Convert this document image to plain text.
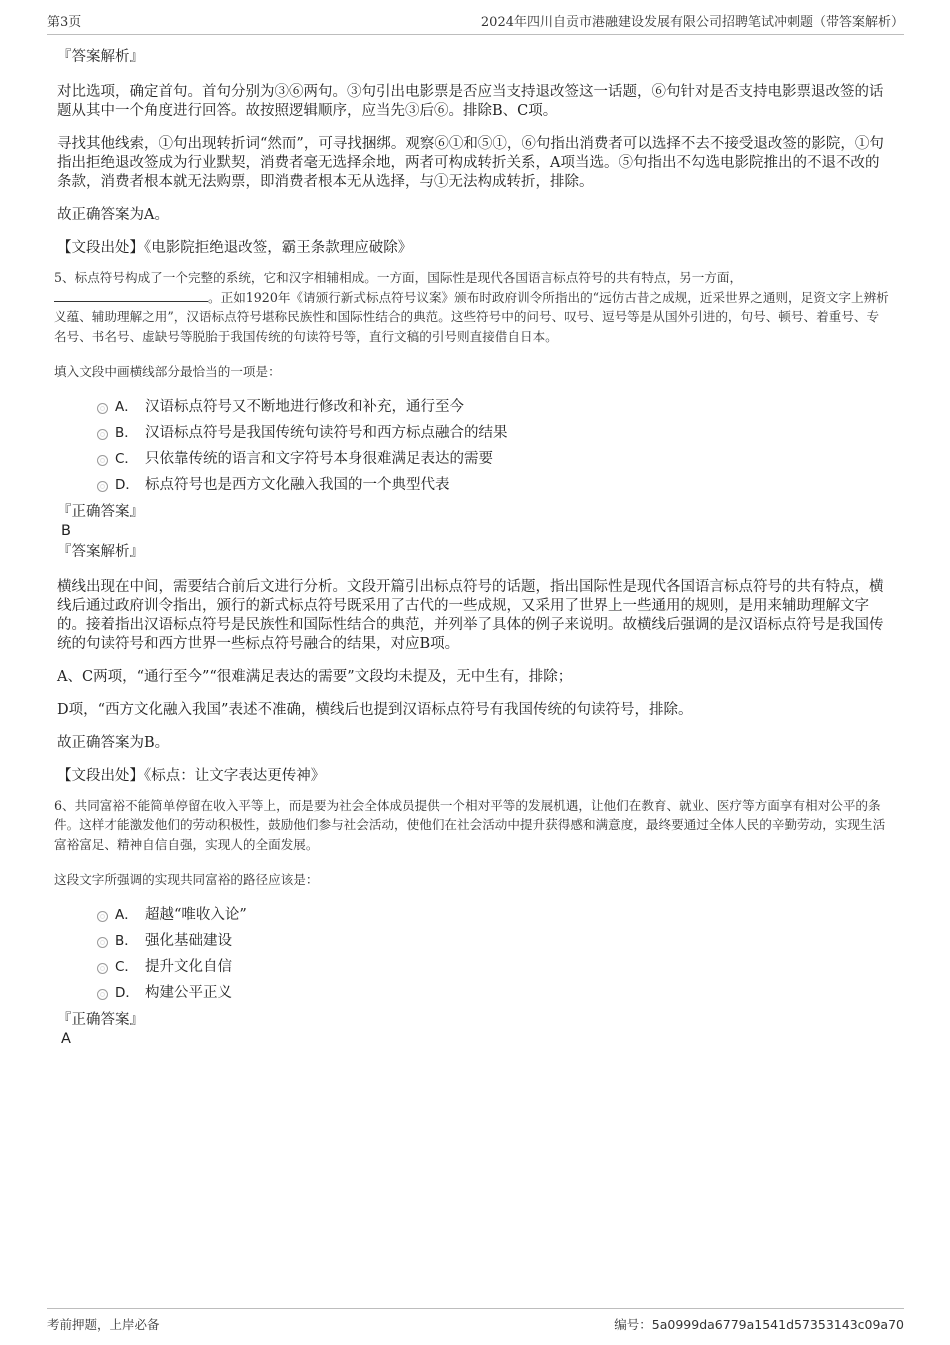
第3页	2024年四川自贡市港融建设发展有限公司招聘笔试冲刺题（带答案解析）

『答案解析』

对比选项，确定首句。首句分别为③⑥两句。③句引出电影票是否应当支持退改签这一话题，⑥句针对是否支持电影票退改签的话题从其中一个角度进行回答。故按照逻辑顺序，应当先③后⑥。排除B、C项。

寻找其他线索，①句出现转折词“然而”，可寻找捆绑。观察⑥①和⑤①，⑥句指出消费者可以选择不去不接受退改签的影院，①句指出拒绝退改签成为行业默契，消费者毫无选择余地，两者可构成转折关系，A项当选。⑤句指出不勾选电影院推出的不退不改的条款，消费者根本就无法购票，即消费者根本无从选择，与①无法构成转折，排除。

故正确答案为A。

【文段出处】《电影院拒绝退改签，霸王条款理应破除》

5、标点符号构成了一个完整的系统，它和汉字相辅相成。一方面，国际性是现代各国语言标点符号的共有特点，另一方面，
。正如1920年《请颁行新式标点符号议案》颁布时政府训令所指出的“远仿古昔之成规，近采世界之通则，足资文字上辨析义蕴、辅助理解之用”，汉语标点符号堪称民族性和国际性结合的典范。这些符号中的问号、叹号、逗号等是从国外引进的，句号、顿号、着重号、专名号、书名号、虚缺号等脱胎于我国传统的句读符号等，直行文稿的引号则直接借自日本。

填入文段中画横线部分最恰当的一项是：

A． 汉语标点符号又不断地进行修改和补充，通行至今
B． 汉语标点符号是我国传统句读符号和西方标点融合的结果
C． 只依靠传统的语言和文字符号本身很难满足表达的需要
D． 标点符号也是西方文化融入我国的一个典型代表

『正确答案』

B

『答案解析』

横线出现在中间，需要结合前后文进行分析。文段开篇引出标点符号的话题，指出国际性是现代各国语言标点符号的共有特点，横线后通过政府训令指出，颁行的新式标点符号既采用了古代的一些成规，又采用了世界上一些通用的规则，是用来辅助理解文字的。接着指出汉语标点符号是民族性和国际性结合的典范，并列举了具体的例子来说明。故横线后强调的是汉语标点符号是我国传统的句读符号和西方世界一些标点符号融合的结果，对应B项。

A、C两项，“通行至今”“很难满足表达的需要”文段均未提及，无中生有，排除；

D项，“西方文化融入我国”表述不准确，横线后也提到汉语标点符号有我国传统的句读符号，排除。

故正确答案为B。

【文段出处】《标点：让文字表达更传神》

6、共同富裕不能简单停留在收入平等上，而是要为社会全体成员提供一个相对平等的发展机遇，让他们在教育、就业、医疗等方面享有相对公平的条件。这样才能激发他们的劳动积极性，鼓励他们参与社会活动，使他们在社会活动中提升获得感和满意度，最终要通过全体人民的辛勤劳动，实现生活富裕富足、精神自信自强，实现人的全面发展。

这段文字所强调的实现共同富裕的路径应该是：

A． 超越“唯收入论”
B． 强化基础建设
C． 提升文化自信
D． 构建公平正义

『正确答案』

A

考前押题，上岸必备	编号：5a0999da6779a1541d57353143c09a70
